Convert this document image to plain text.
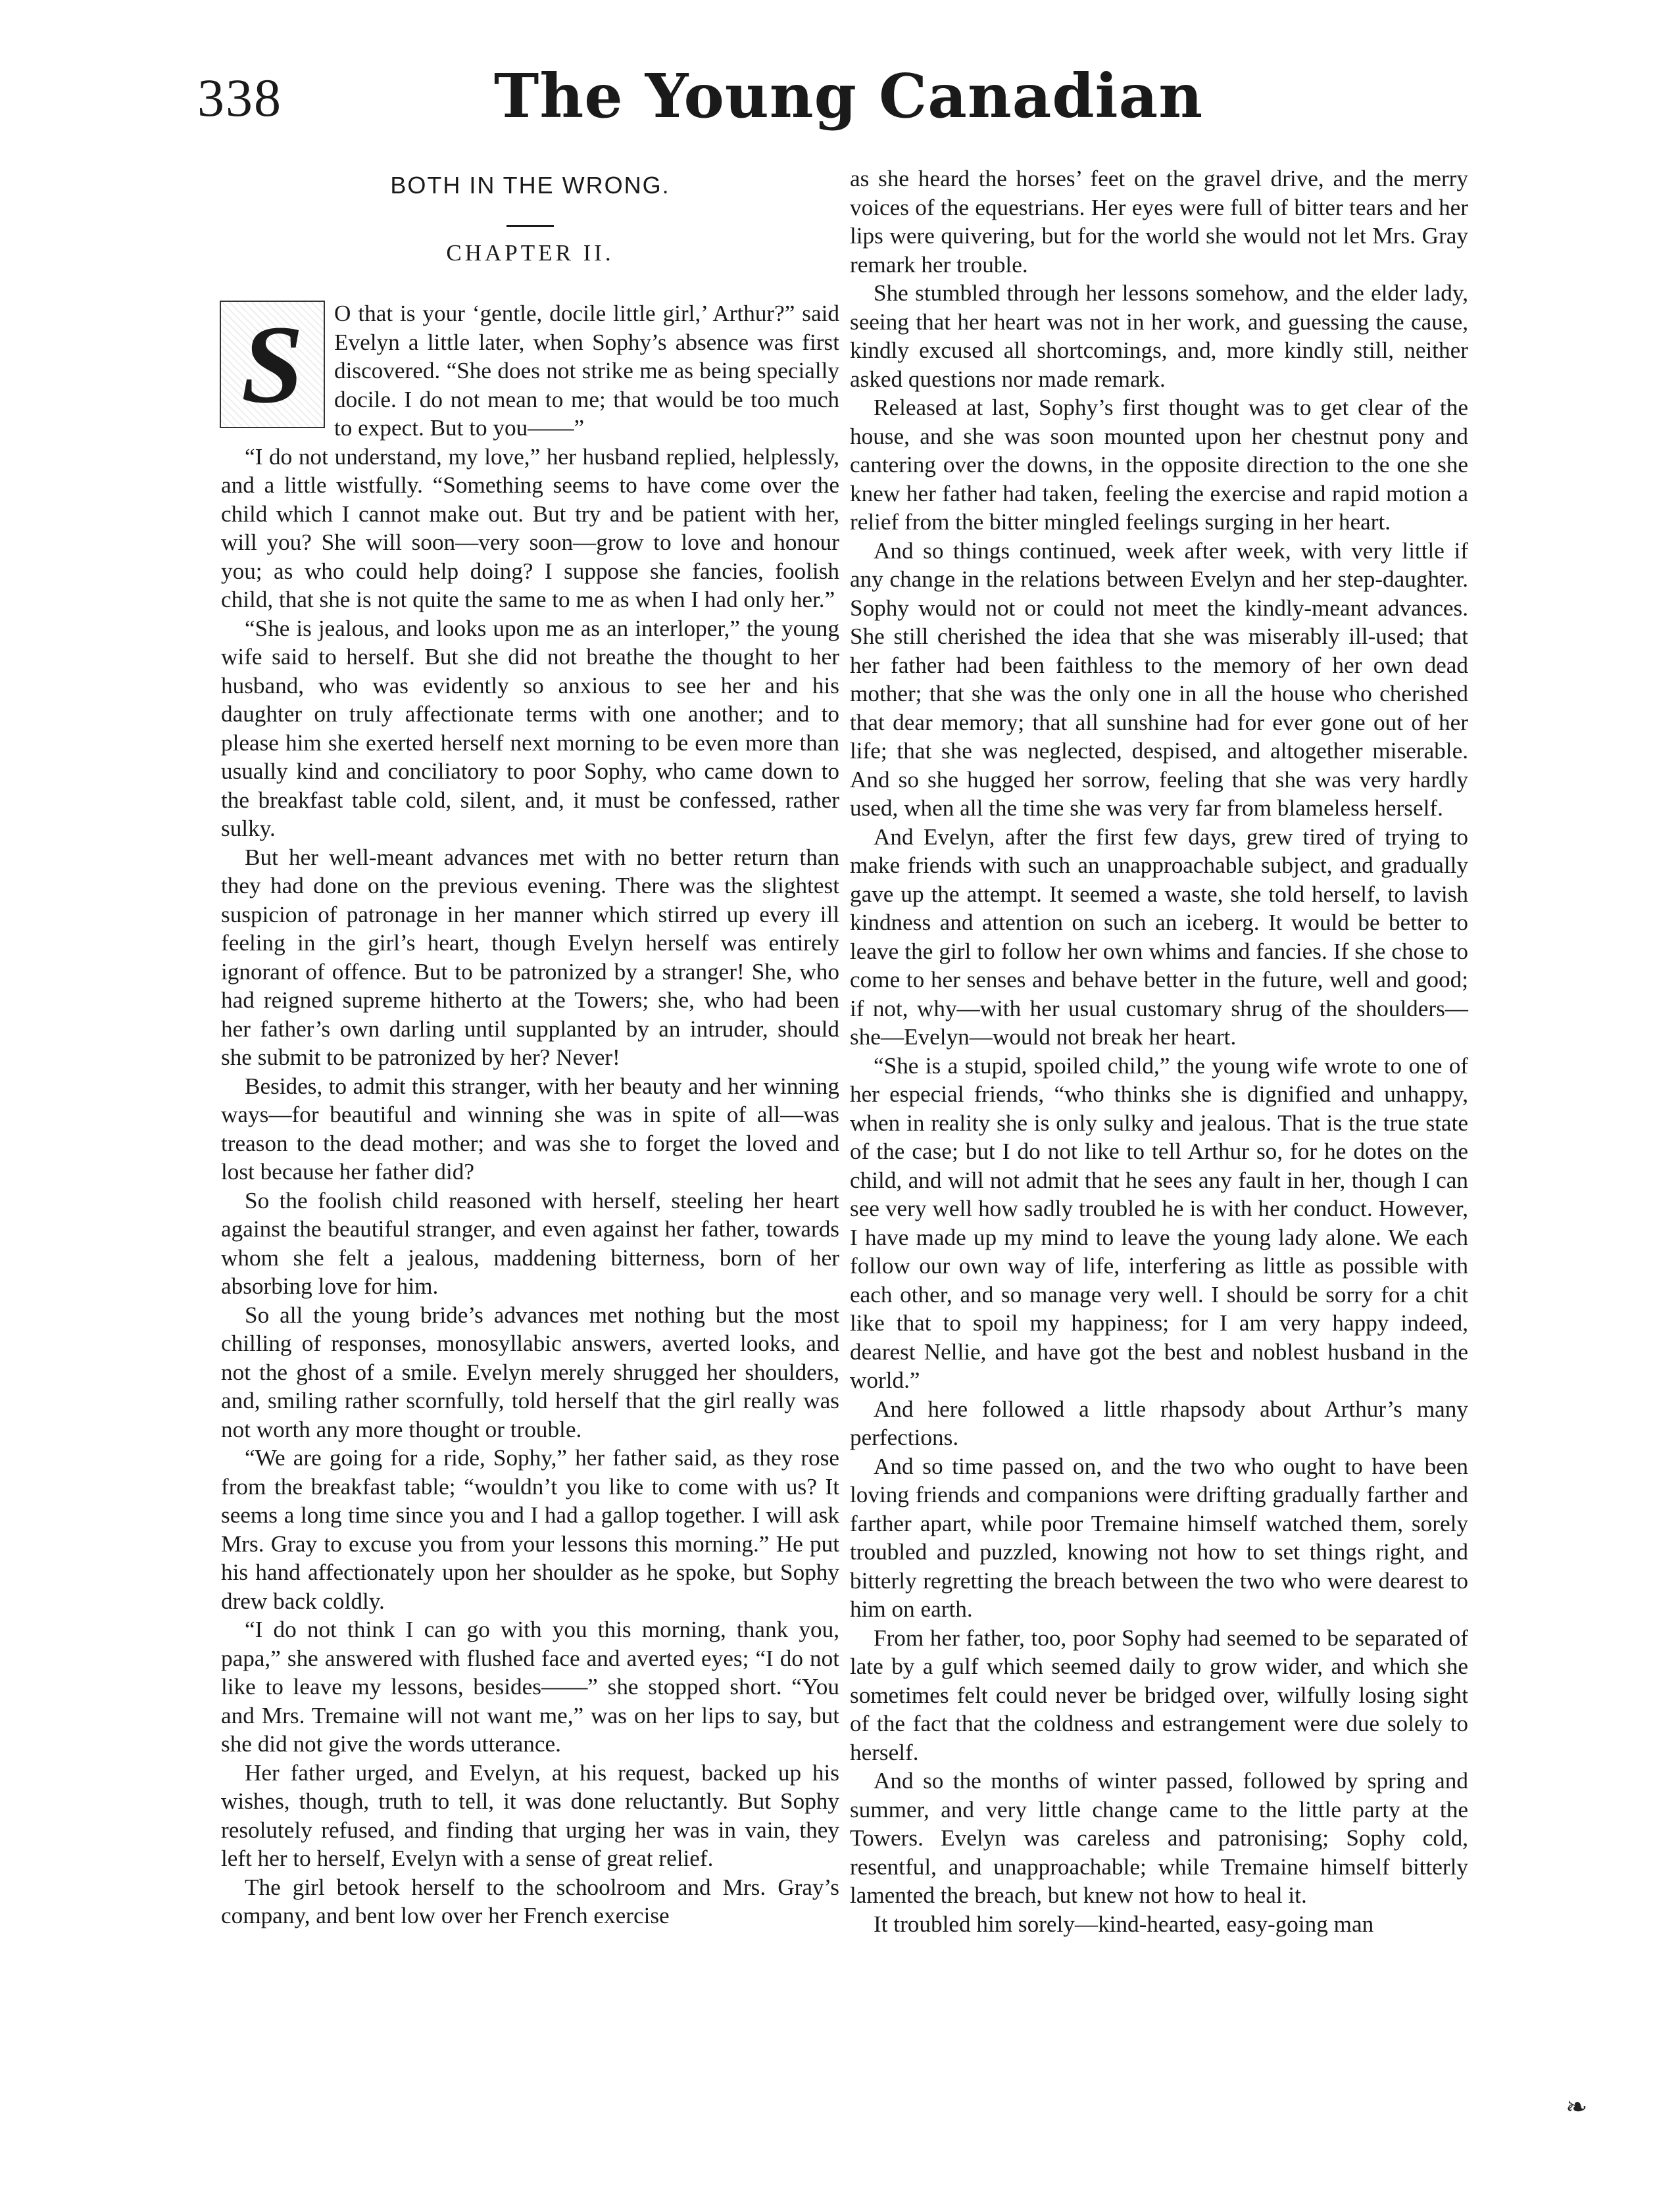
338	The Young Canadian
BOTH IN THE WRONG.
CHAPTER II.
S	O that is your ‘gentle, docile little girl,’ Arthur?” said Evelyn a little later, when Sophy’s absence was first discovered. “She does not strike me as being specially docile. I do not mean to me; that would be too much to expect. But to you——”

“I do not understand, my love,” her husband replied, helplessly, and a little wistfully. “Something seems to have come over the child which I cannot make out. But try and be patient with her, will you? She will soon—very soon—grow to love and honour you; as who could help doing? I suppose she fancies, foolish child, that she is not quite the same to me as when I had only her.”

“She is jealous, and looks upon me as an interloper,” the young wife said to herself. But she did not breathe the thought to her husband, who was evidently so anxious to see her and his daughter on truly affectionate terms with one another; and to please him she exerted herself next morning to be even more than usually kind and conciliatory to poor Sophy, who came down to the breakfast table cold, silent, and, it must be confessed, rather sulky.

But her well-meant advances met with no better return than they had done on the previous evening. There was the slightest suspicion of patronage in her manner which stirred up every ill feeling in the girl’s heart, though Evelyn herself was entirely ignorant of offence. But to be patronized by a stranger! She, who had reigned supreme hitherto at the Towers; she, who had been her father’s own darling until supplanted by an intruder, should she submit to be patronized by her? Never!

Besides, to admit this stranger, with her beauty and her winning ways—for beautiful and winning she was in spite of all—was treason to the dead mother; and was she to forget the loved and lost because her father did?

So the foolish child reasoned with herself, steeling her heart against the beautiful stranger, and even against her father, towards whom she felt a jealous, maddening bitterness, born of her absorbing love for him.

So all the young bride’s advances met nothing but the most chilling of responses, monosyllabic answers, averted looks, and not the ghost of a smile. Evelyn merely shrugged her shoulders, and, smiling rather scornfully, told herself that the girl really was not worth any more thought or trouble.

“We are going for a ride, Sophy,” her father said, as they rose from the breakfast table; “wouldn’t you like to come with us? It seems a long time since you and I had a gallop together. I will ask Mrs. Gray to excuse you from your lessons this morning.” He put his hand affectionately upon her shoulder as he spoke, but Sophy drew back coldly.

“I do not think I can go with you this morning, thank you, papa,” she answered with flushed face and averted eyes; “I do not like to leave my lessons, besides——” she stopped short. “You and Mrs. Tremaine will not want me,” was on her lips to say, but she did not give the words utterance.

Her father urged, and Evelyn, at his request, backed up his wishes, though, truth to tell, it was done reluctantly. But Sophy resolutely refused, and finding that urging her was in vain, they left her to herself, Evelyn with a sense of great relief.

The girl betook herself to the schoolroom and Mrs. Gray’s company, and bent low over her French exercise

as she heard the horses’ feet on the gravel drive, and the merry voices of the equestrians. Her eyes were full of bitter tears and her lips were quivering, but for the world she would not let Mrs. Gray remark her trouble.

She stumbled through her lessons somehow, and the elder lady, seeing that her heart was not in her work, and guessing the cause, kindly excused all shortcomings, and, more kindly still, neither asked questions nor made remark.

Released at last, Sophy’s first thought was to get clear of the house, and she was soon mounted upon her chestnut pony and cantering over the downs, in the opposite direction to the one she knew her father had taken, feeling the exercise and rapid motion a relief from the bitter mingled feelings surging in her heart.

And so things continued, week after week, with very little if any change in the relations between Evelyn and her step-daughter. Sophy would not or could not meet the kindly-meant advances. She still cherished the idea that she was miserably ill-used; that her father had been faithless to the memory of her own dead mother; that she was the only one in all the house who cherished that dear memory; that all sunshine had for ever gone out of her life; that she was neglected, despised, and altogether miserable. And so she hugged her sorrow, feeling that she was very hardly used, when all the time she was very far from blameless herself.

And Evelyn, after the first few days, grew tired of trying to make friends with such an unapproachable subject, and gradually gave up the attempt. It seemed a waste, she told herself, to lavish kindness and attention on such an iceberg. It would be better to leave the girl to follow her own whims and fancies. If she chose to come to her senses and behave better in the future, well and good; if not, why—with her usual customary shrug of the shoulders—she—Evelyn—would not break her heart.

“She is a stupid, spoiled child,” the young wife wrote to one of her especial friends, “who thinks she is dignified and unhappy, when in reality she is only sulky and jealous. That is the true state of the case; but I do not like to tell Arthur so, for he dotes on the child, and will not admit that he sees any fault in her, though I can see very well how sadly troubled he is with her conduct. However, I have made up my mind to leave the young lady alone. We each follow our own way of life, interfering as little as possible with each other, and so manage very well. I should be sorry for a chit like that to spoil my happiness; for I am very happy indeed, dearest Nellie, and have got the best and noblest husband in the world.”

And here followed a little rhapsody about Arthur’s many perfections.

And so time passed on, and the two who ought to have been loving friends and companions were drifting gradually farther and farther apart, while poor Tremaine himself watched them, sorely troubled and puzzled, knowing not how to set things right, and bitterly regretting the breach between the two who were dearest to him on earth.

From her father, too, poor Sophy had seemed to be separated of late by a gulf which seemed daily to grow wider, and which she sometimes felt could never be bridged over, wilfully losing sight of the fact that the coldness and estrangement were due solely to herself.

And so the months of winter passed, followed by spring and summer, and very little change came to the little party at the Towers. Evelyn was careless and patronising; Sophy cold, resentful, and unapproachable; while Tremaine himself bitterly lamented the breach, but knew not how to heal it.

It troubled him sorely—kind-hearted, easy-going man

❧
